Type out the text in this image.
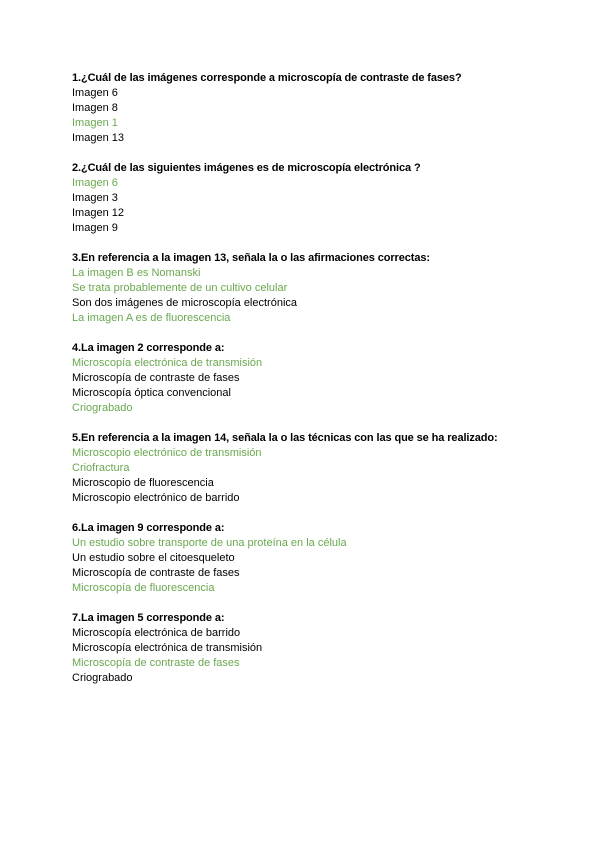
1.¿Cuál de las imágenes corresponde a microscopía de contraste de fases?
Imagen 6
Imagen 8
Imagen 1
Imagen 13
2.¿Cuál de las siguientes imágenes es de microscopía electrónica ?
Imagen 6
Imagen 3
Imagen 12
Imagen 9
3.En referencia a la imagen 13, señala la o las afirmaciones correctas:
La imagen B es Nomanski
Se trata probablemente de un cultivo celular
Son dos imágenes de microscopía electrónica
La imagen A es de fluorescencia
4.La imagen 2 corresponde a:
Microscopía electrónica de transmisión
Microscopía de contraste de fases
Microscopía óptica convencional
Criograbado
5.En referencia a la imagen 14, señala la o las técnicas con las que se ha realizado:
Microscopio electrónico de transmisión
Criofractura
Microscopio de fluorescencia
Microscopio electrónico de barrido
6.La imagen 9 corresponde a:
Un estudio sobre transporte de una proteína en la célula
Un estudio sobre el citoesqueleto
Microscopía de contraste de fases
Microscopía de fluorescencia
7.La imagen 5 corresponde a:
Microscopía electrónica de barrido
Microscopía electrónica de transmisión
Microscopía de contraste de fases
Criograbado
